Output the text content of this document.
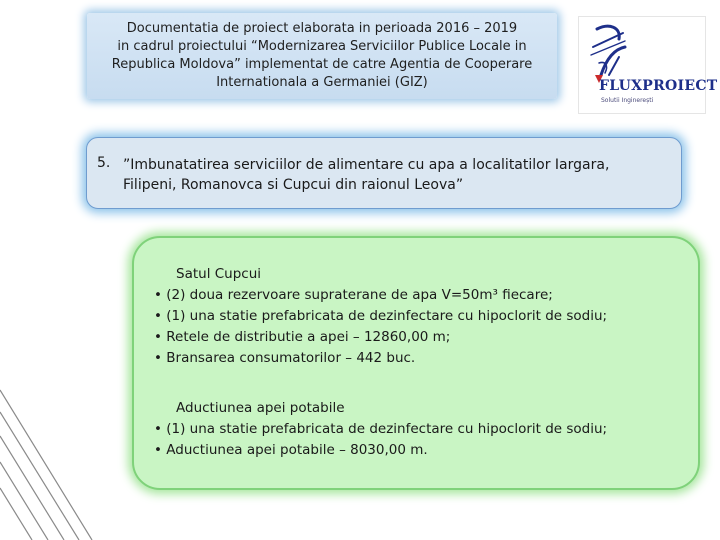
Documentatia de proiect elaborata in perioada 2016 – 2019
in cadrul proiectului “Modernizarea Serviciilor Publice Locale in
Republica Moldova” implementat de catre Agentia de Cooperare
Internationala a Germaniei (GIZ)	FLUXPROIECT
Solutii Inginerești
5. ”Imbunatatirea serviciilor de alimentare cu apa a localitatilor Iargara,
Filipeni, Romanovca si Cupcui din raionul Leova”
Satul Cupcui
• (2) doua rezervoare supraterane de apa V=50m³ fiecare;
• (1) una statie prefabricata de dezinfectare cu hipoclorit de sodiu;
• Retele de distributie a apei – 12860,00 m;
• Bransarea consumatorilor – 442 buc.
Aductiunea apei potabile
• (1) una statie prefabricata de dezinfectare cu hipoclorit de sodiu;
• Aductiunea apei potabile – 8030,00 m.
